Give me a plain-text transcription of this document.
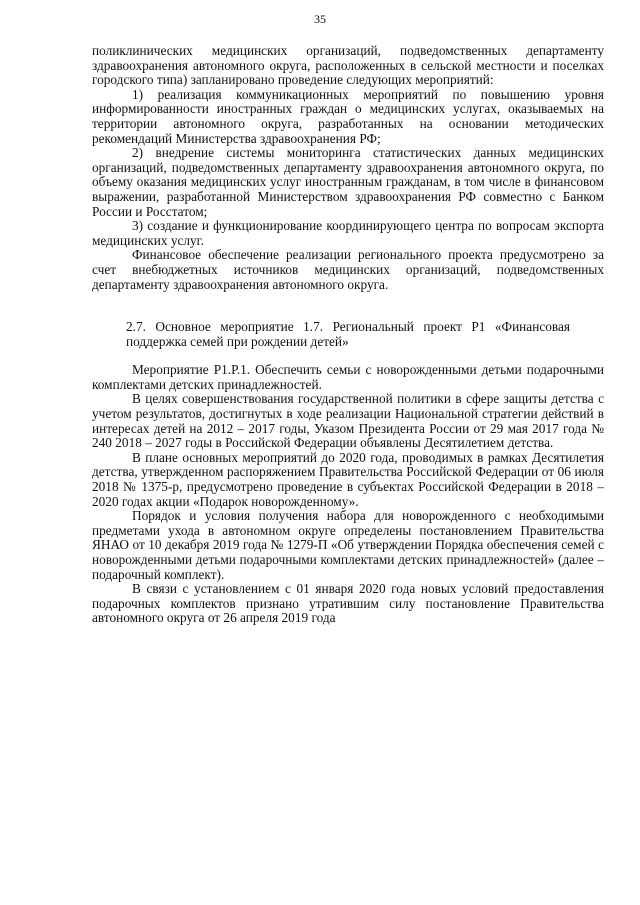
35

поликлинических медицинских организаций, подведомственных департаменту здравоохранения автономного округа, расположенных в сельской местности и поселках городского типа) запланировано проведение следующих мероприятий:

1) реализация коммуникационных мероприятий по повышению уровня информированности иностранных граждан о медицинских услугах, оказываемых на территории автономного округа, разработанных на основании методических рекомендаций Министерства здравоохранения РФ;

2) внедрение системы мониторинга статистических данных медицинских организаций, подведомственных департаменту здравоохранения автономного округа, по объему оказания медицинских услуг иностранным гражданам, в том числе в финансовом выражении, разработанной Министерством здравоохранения РФ совместно с Банком России и Росстатом;

3) создание и функционирование координирующего центра по вопросам экспорта медицинских услуг.

Финансовое обеспечение реализации регионального проекта предусмотрено за счет внебюджетных источников медицинских организаций, подведомственных департаменту здравоохранения автономного округа.

2.7. Основное мероприятие 1.7. Региональный проект Р1 «Финансовая поддержка семей при рождении детей»

Мероприятие Р1.Р.1. Обеспечить семьи с новорожденными детьми подарочными комплектами детских принадлежностей.

В целях совершенствования государственной политики в сфере защиты детства с учетом результатов, достигнутых в ходе реализации Национальной стратегии действий в интересах детей на 2012 – 2017 годы, Указом Президента России от 29 мая 2017 года № 240 2018 – 2027 годы в Российской Федерации объявлены Десятилетием детства.

В плане основных мероприятий до 2020 года, проводимых в рамках Десятилетия детства, утвержденном распоряжением Правительства Российской Федерации от 06 июля 2018 № 1375-р, предусмотрено проведение в субъектах Российской Федерации в 2018 – 2020 годах акции «Подарок новорожденному».

Порядок и условия получения набора для новорожденного с необходимыми предметами ухода в автономном округе определены постановлением Правительства ЯНАО от 10 декабря 2019 года № 1279-П «Об утверждении Порядка обеспечения семей с новорожденными детьми подарочными комплектами детских принадлежностей» (далее – подарочный комплект).

В связи с установлением с 01 января 2020 года новых условий предоставления подарочных комплектов признано утратившим силу постановление Правительства автономного округа от 26 апреля 2019 года
